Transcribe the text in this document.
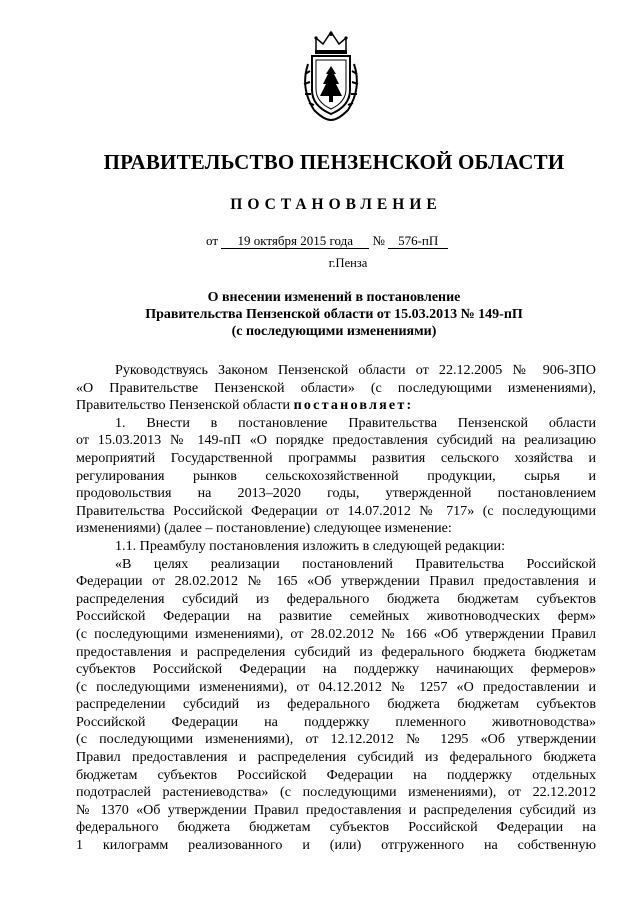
ПРАВИТЕЛЬСТВО ПЕНЗЕНСКОЙ ОБЛАСТИ
ПОСТАНОВЛЕНИЕ
от 19 октября 2015 года № 576-пП
г.Пенза
О внесении изменений в постановление
Правительства Пензенской области от 15.03.2013 № 149-пП
(с последующими изменениями)

Руководствуясь Законом Пензенской области от 22.12.2005 № 906-ЗПО

«О Правительстве Пензенской области» (с последующими изменениями),

Правительство Пензенской области постановляет:

1. Внести в постановление Правительства Пензенской области

от 15.03.2013 № 149-пП «О порядке предоставления субсидий на реализацию

мероприятий Государственной программы развития сельского хозяйства и

регулирования рынков сельскохозяйственной продукции, сырья и

продовольствия на 2013–2020 годы, утвержденной постановлением

Правительства Российской Федерации от 14.07.2012 № 717» (с последующими

изменениями) (далее – постановление) следующее изменение:

1.1. Преамбулу постановления изложить в следующей редакции:

«В целях реализации постановлений Правительства Российской

Федерации от 28.02.2012 № 165 «Об утверждении Правил предоставления и

распределения субсидий из федерального бюджета бюджетам субъектов

Российской Федерации на развитие семейных животноводческих ферм»

(с последующими изменениями), от 28.02.2012 № 166 «Об утверждении Правил

предоставления и распределения субсидий из федерального бюджета бюджетам

субъектов Российской Федерации на поддержку начинающих фермеров»

(с последующими изменениями), от 04.12.2012 № 1257 «О предоставлении и

распределении субсидий из федерального бюджета бюджетам субъектов

Российской Федерации на поддержку племенного животноводства»

(с последующими изменениями), от 12.12.2012 № 1295 «Об утверждении

Правил предоставления и распределения субсидий из федерального бюджета

бюджетам субъектов Российской Федерации на поддержку отдельных

подотраслей растениеводства» (с последующими изменениями), от 22.12.2012

№ 1370 «Об утверждении Правил предоставления и распределения субсидий из

федерального бюджета бюджетам субъектов Российской Федерации на

1 килограмм реализованного и (или) отгруженного на собственную
